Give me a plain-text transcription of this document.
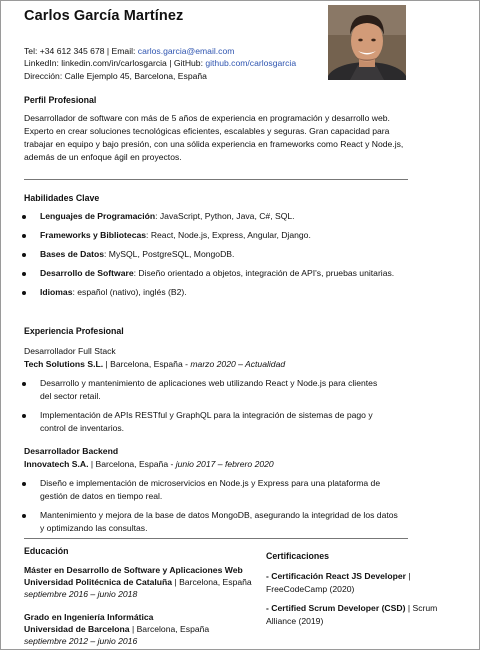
Carlos García Martínez
Tel: +34 612 345 678 | Email: carlos.garcia@email.com
LinkedIn: linkedin.com/in/carlosgarcia | GitHub: github.com/carlosgarcia
Dirección: Calle Ejemplo 45, Barcelona, España
Perfil Profesional
Desarrollador de software con más de 5 años de experiencia en programación y desarrollo web. Experto en crear soluciones tecnológicas eficientes, escalables y seguras. Gran capacidad para trabajar en equipo y bajo presión, con una sólida experiencia en frameworks como React y Node.js, además de un enfoque ágil en proyectos.
Habilidades Clave
Lenguajes de Programación: JavaScript, Python, Java, C#, SQL.
Frameworks y Bibliotecas: React, Node.js, Express, Angular, Django.
Bases de Datos: MySQL, PostgreSQL, MongoDB.
Desarrollo de Software: Diseño orientado a objetos, integración de API's, pruebas unitarias.
Idiomas: español (nativo), inglés (B2).
Experiencia Profesional
Desarrollador Full Stack
Tech Solutions S.L. | Barcelona, España - marzo 2020 – Actualidad
Desarrollo y mantenimiento de aplicaciones web utilizando React y Node.js para clientes del sector retail.
Implementación de APIs RESTful y GraphQL para la integración de sistemas de pago y control de inventarios.
Desarrollador Backend
Innovatech S.A. | Barcelona, España - junio 2017 – febrero 2020
Diseño e implementación de microservicios en Node.js y Express para una plataforma de gestión de datos en tiempo real.
Mantenimiento y mejora de la base de datos MongoDB, asegurando la integridad de los datos y optimizando las consultas.
Educación
Máster en Desarrollo de Software y Aplicaciones Web
Universidad Politécnica de Cataluña | Barcelona, España
septiembre 2016 – junio 2018
Grado en Ingeniería Informática
Universidad de Barcelona | Barcelona, España
septiembre 2012 – junio 2016
Certificaciones
- Certificación React JS Developer |
FreeCodeCamp (2020)
- Certified Scrum Developer (CSD) | Scrum
Alliance (2019)
